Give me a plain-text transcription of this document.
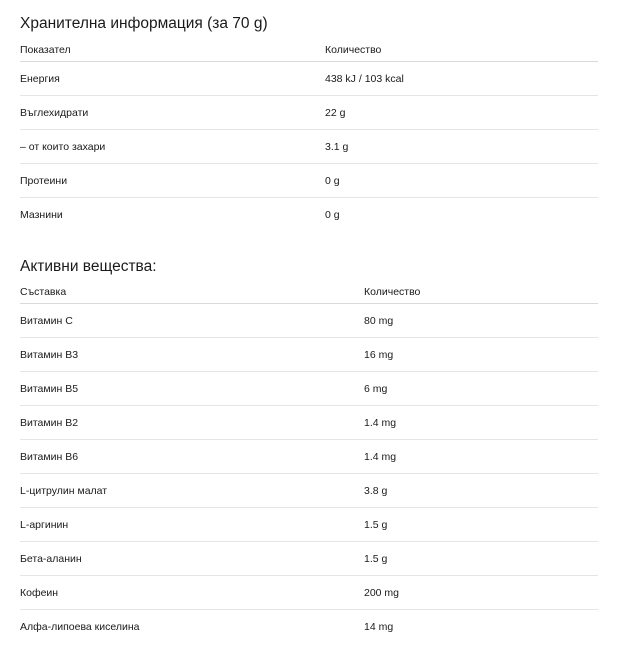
Хранителна информация (за 70 g)
Показател	Количество
Енергия	438 kJ / 103 kcal
Въглехидрати	22 g
– от които захари	3.1 g
Протеини	0 g
Мазнини	0 g
Активни вещества:
Съставка	Количество
Витамин C	80 mg
Витамин B3	16 mg
Витамин B5	6 mg
Витамин B2	1.4 mg
Витамин B6	1.4 mg
L-цитрулин малат	3.8 g
L-аргинин	1.5 g
Бета-аланин	1.5 g
Кофеин	200 mg
Алфа-липоева киселина	14 mg
